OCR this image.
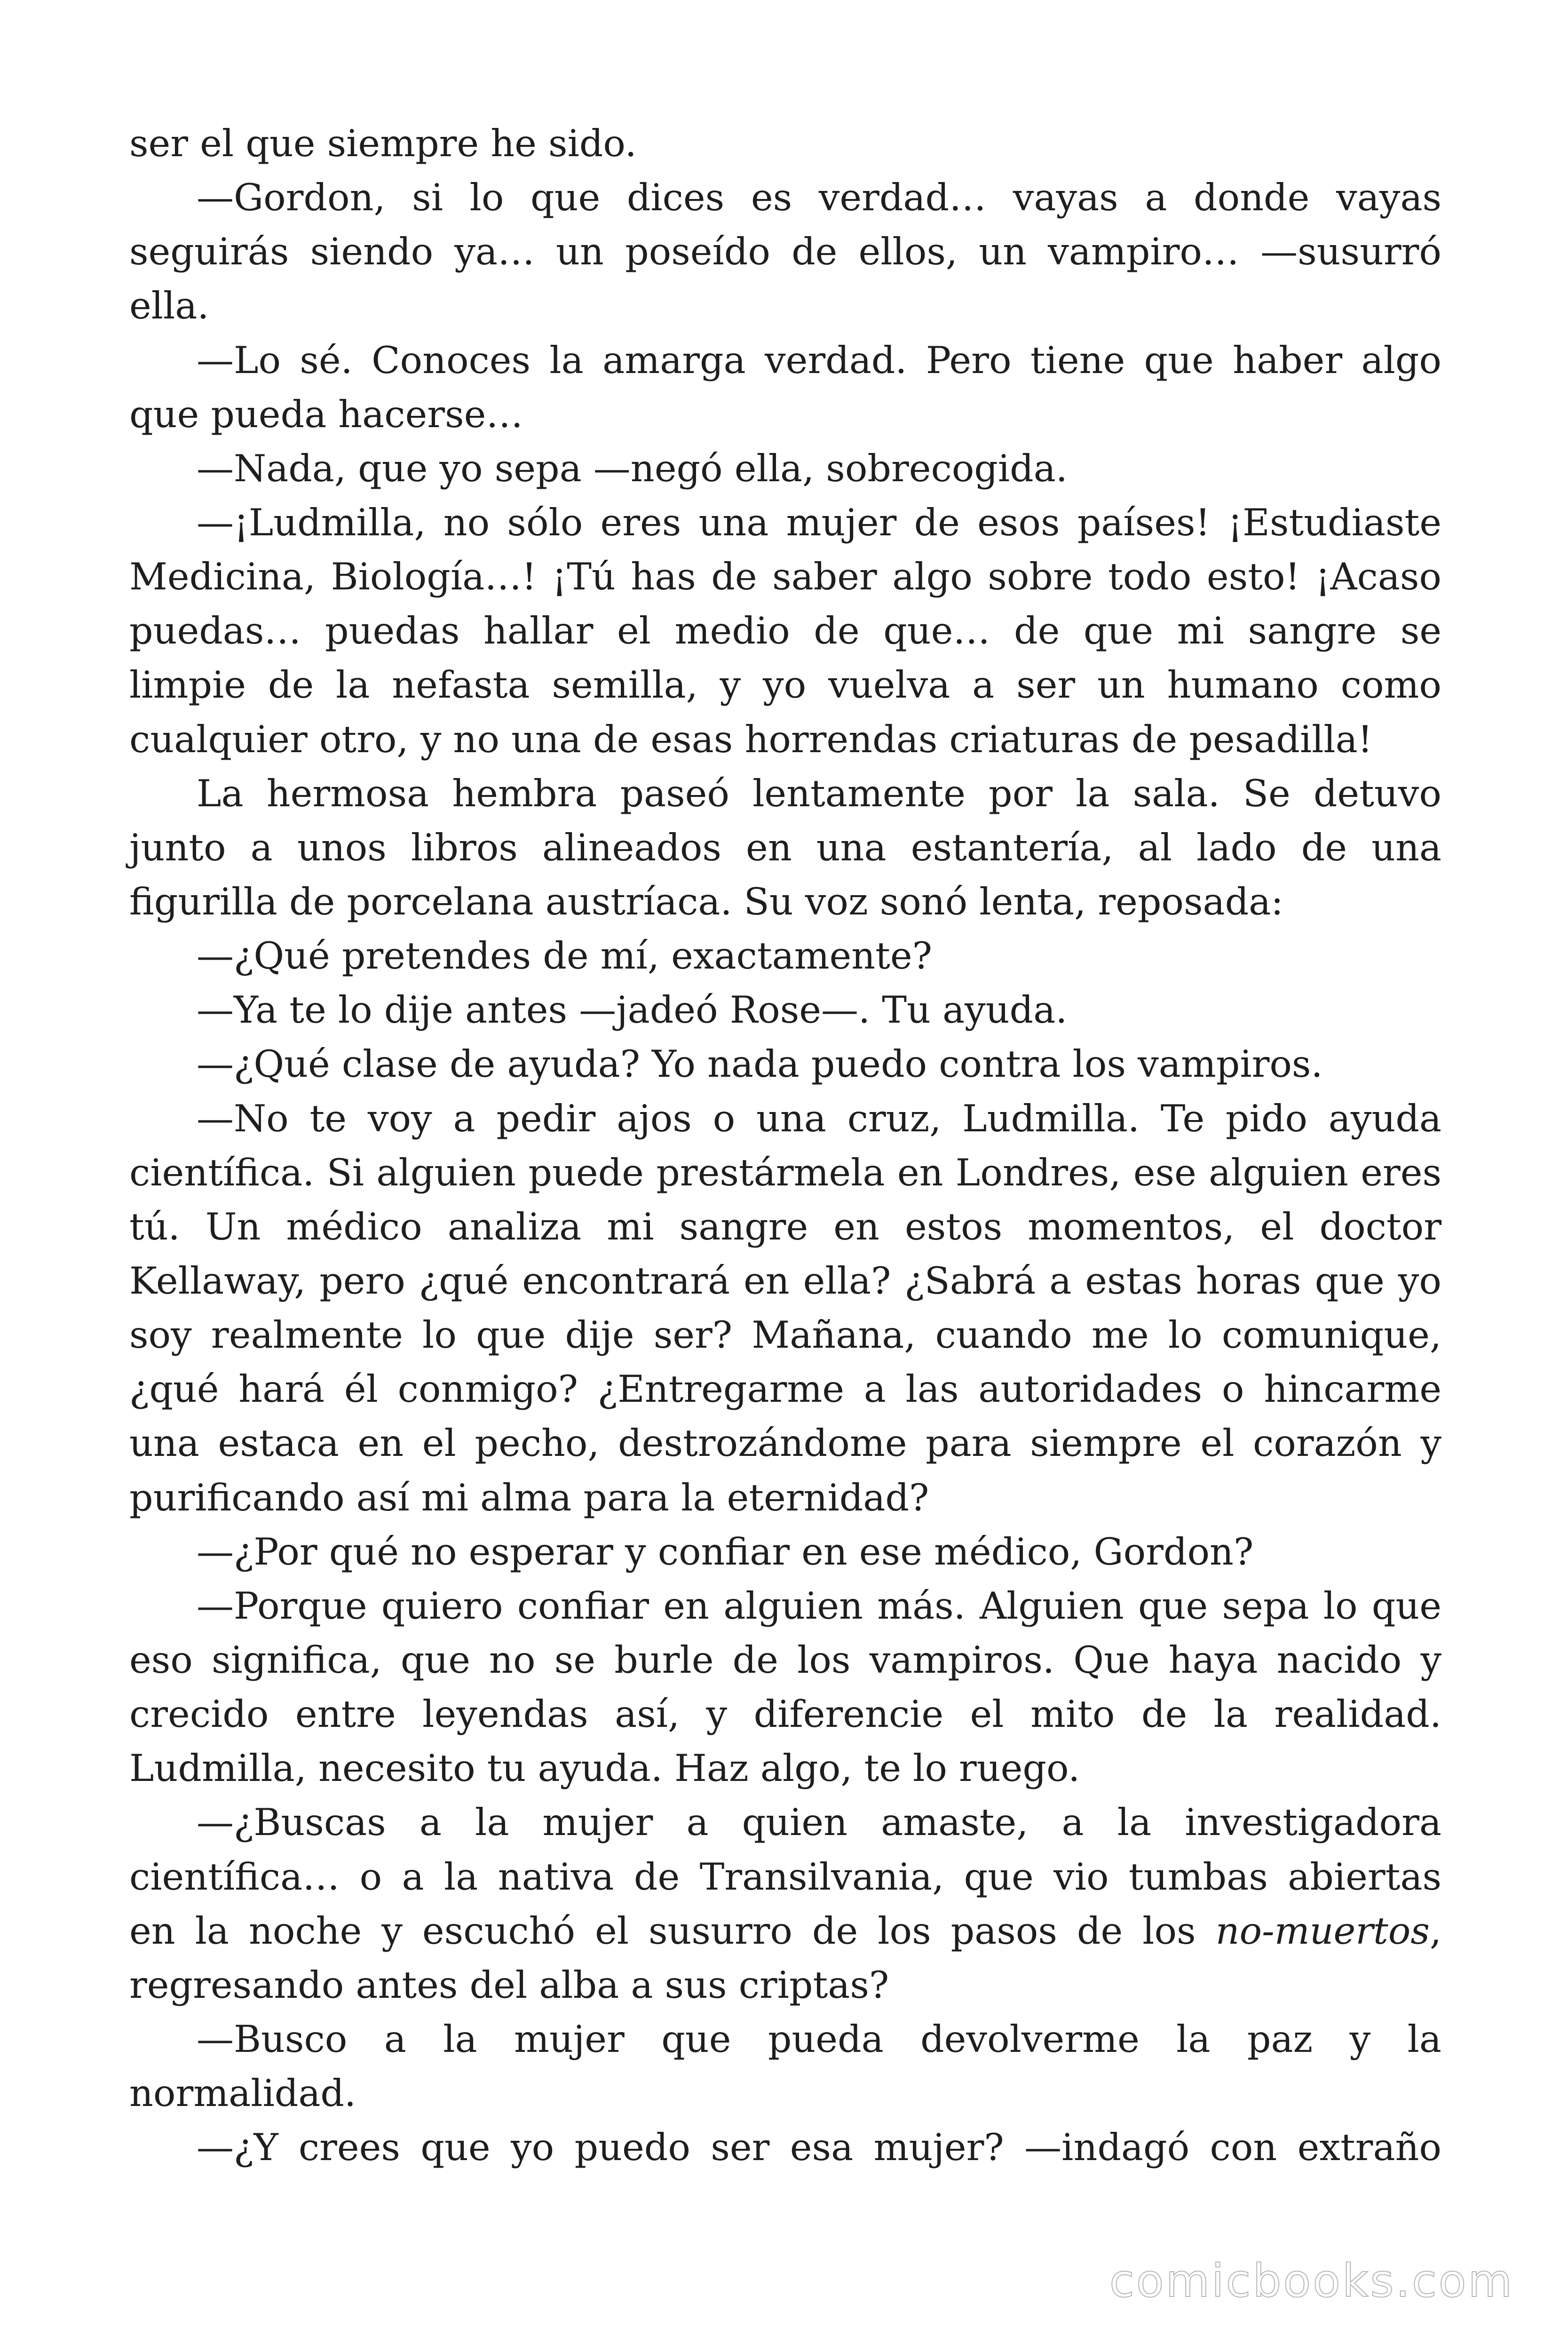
ser el que siempre he sido.
—Gordon, si lo que dices es verdad… vayas a donde vayas
seguirás siendo ya… un poseído de ellos, un vampiro… —susurró
ella.
—Lo sé. Conoces la amarga verdad. Pero tiene que haber algo
que pueda hacerse…
—Nada, que yo sepa —negó ella, sobrecogida.
—¡Ludmilla, no sólo eres una mujer de esos países! ¡Estudiaste
Medicina, Biología…! ¡Tú has de saber algo sobre todo esto! ¡Acaso
puedas… puedas hallar el medio de que… de que mi sangre se
limpie de la nefasta semilla, y yo vuelva a ser un humano como
cualquier otro, y no una de esas horrendas criaturas de pesadilla!
La hermosa hembra paseó lentamente por la sala. Se detuvo
junto a unos libros alineados en una estantería, al lado de una
figurilla de porcelana austríaca. Su voz sonó lenta, reposada:
—¿Qué pretendes de mí, exactamente?
—Ya te lo dije antes —jadeó Rose—. Tu ayuda.
—¿Qué clase de ayuda? Yo nada puedo contra los vampiros.
—No te voy a pedir ajos o una cruz, Ludmilla. Te pido ayuda
científica. Si alguien puede prestármela en Londres, ese alguien eres
tú. Un médico analiza mi sangre en estos momentos, el doctor
Kellaway, pero ¿qué encontrará en ella? ¿Sabrá a estas horas que yo
soy realmente lo que dije ser? Mañana, cuando me lo comunique,
¿qué hará él conmigo? ¿Entregarme a las autoridades o hincarme
una estaca en el pecho, destrozándome para siempre el corazón y
purificando así mi alma para la eternidad?
—¿Por qué no esperar y confiar en ese médico, Gordon?
—Porque quiero confiar en alguien más. Alguien que sepa lo que
eso significa, que no se burle de los vampiros. Que haya nacido y
crecido entre leyendas así, y diferencie el mito de la realidad.
Ludmilla, necesito tu ayuda. Haz algo, te lo ruego.
—¿Buscas a la mujer a quien amaste, a la investigadora
científica… o a la nativa de Transilvania, que vio tumbas abiertas
en la noche y escuchó el susurro de los pasos de los no-muertos,
regresando antes del alba a sus criptas?
—Busco a la mujer que pueda devolverme la paz y la
normalidad.
—¿Y crees que yo puedo ser esa mujer? —indagó con extraño
comicbooks.com
